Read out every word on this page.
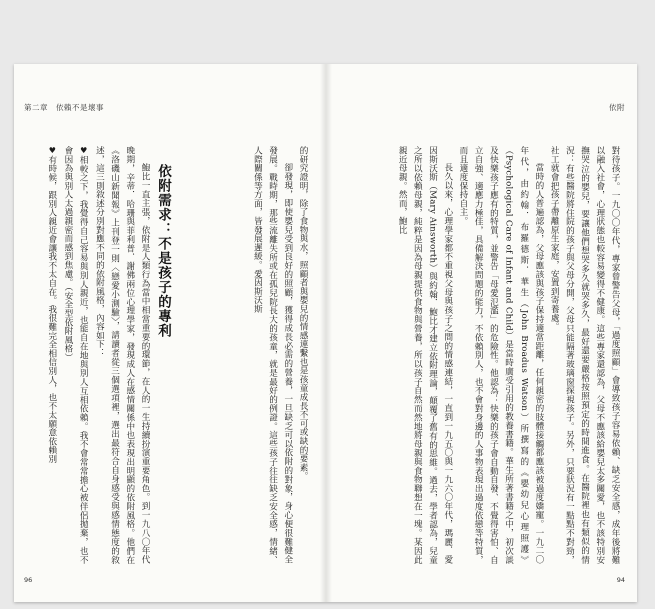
第二章　依賴不是壞事

的研究證明，除了食物與水，照顧者與嬰兒的情感連繫也是孩童成長不可或缺的要素。

卻發現，即使嬰兒受到良好的照顧，獲得成長必需的營養，一旦缺乏可以依附的對象，身心便很難健全發展。戰時期，那些流離失所或在孤兒院長大的孩童，就是最好的例證。這些孩子往往缺乏安全感，情緒、人際關係等方面，皆發展遲緩。愛因斯沃斯

依附需求：不是孩子的專利

鮑比一直主張，依附是人類行為當中相當重要的環節，在人的一生持續扮演重要角色。到一九八〇年代晚期，辛蒂．哈珊與菲利普．謝佛兩位心理學家，發現成人在感情關係中也表現出明顯的依附風格。他們在《洛磯山新聞報》上刊登一則〈戀愛小測驗〉，請讀者從三個選項裡，選出最符合自身感受與感情態度的敘述，這三則敘述分別對應不同的依附風格，內容如下：

♥相較之下，我覺得自己容易與別人親近，也能自在地與別人互相依賴。我不會常常擔心被伴侶拋棄，也不會因為與別人太過親密而感到焦慮。（安全型依附風格）
♥有時候，跟別人親近會讓我不太自在。我很難完全相信別人，也不太願意依賴別
96
依附

對待孩子。一九〇〇年代，專家曾警告父母，「過度照顧」會導致孩子容易依賴、缺乏安全感，成年後將難以融入社會，心理狀態也較容易變得不健康。這些專家還認為，父母不應該給嬰兒太多關愛，也不該特別安撫哭泣的嬰兒，要讓他們想哭多久就哭多久，最好還要嚴格按照預定的時間進食。在醫院裡也有類似的情況：有些醫院將住院的孩子與父母分開，父母只能隔著玻璃窗探視孩子。另外，只要狀況有一點點不對勁，社工就會把孩子帶離原生家庭，安置到寄養處。

當時的人普遍認為，父母應該與孩子保持適當距離，任何親密的肢體接觸都應該被過度嬌寵。一九二〇年代，由約翰．布羅德斯．華生（John Broadus Watson）所撰寫的《嬰幼兒心理照護》（Psychological Care of Infant and Child）是當時廣受引用的教養書籍。華生所著書籍之中，初次談及快樂孩子應有的特質，並警告「母愛氾濫」的危險性。他認為：快樂的孩子會自動自發、不覺得害怕、自立自強、適應力極佳，具備解決問題的能力，不依賴別人，也不會對身邊的人事物表現出過度依戀等特質，而且適度保持自主。

長久以來，心理學家都不重視父母與孩子之間的情感連結，一直到一九五〇與一九六〇年代，瑪麗．愛因斯沃斯（Mary Ainsworth）與約翰．鮑比才建立依附理論，顛覆了舊有的思維。過去，學者認為，兒童之所以依賴母親，純粹是因為母親提供食物與營養，所以孩子自然而然地將母親與食物聯想在一塊。某因此親近母親。然而，鮑比

94
